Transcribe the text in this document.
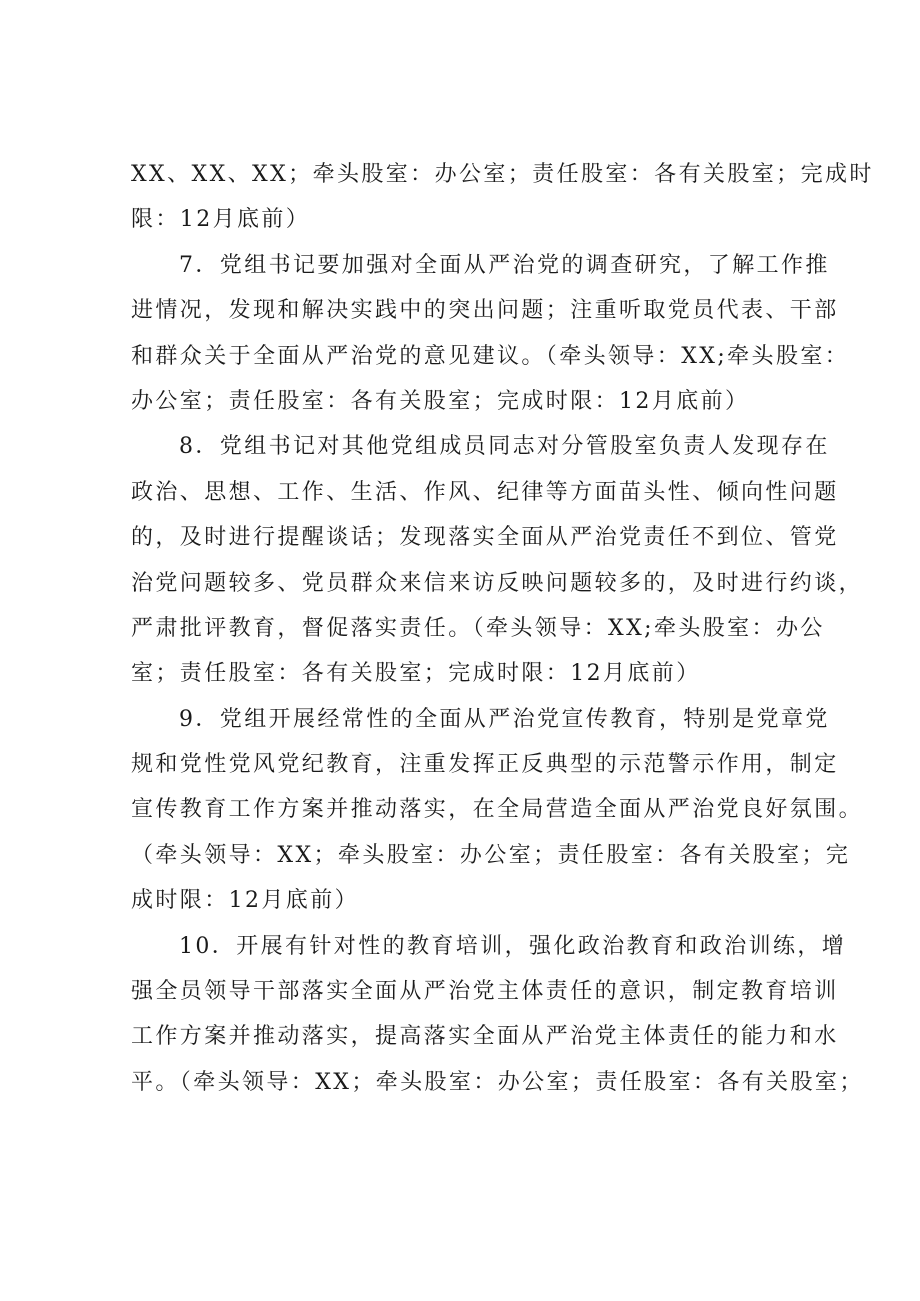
XX、XX、XX；牵头股室：办公室；责任股室：各有关股室；完成时
限：12月底前）
7．党组书记要加强对全面从严治党的调查研究，了解工作推
进情况，发现和解决实践中的突出问题；注重听取党员代表、干部
和群众关于全面从严治党的意见建议。（牵头领导：XX;牵头股室：
办公室；责任股室：各有关股室；完成时限：12月底前）
8．党组书记对其他党组成员同志对分管股室负责人发现存在
政治、思想、工作、生活、作风、纪律等方面苗头性、倾向性问题
的，及时进行提醒谈话；发现落实全面从严治党责任不到位、管党
治党问题较多、党员群众来信来访反映问题较多的，及时进行约谈，
严肃批评教育，督促落实责任。（牵头领导：XX;牵头股室：办公
室；责任股室：各有关股室；完成时限：12月底前）
9．党组开展经常性的全面从严治党宣传教育，特别是党章党
规和党性党风党纪教育，注重发挥正反典型的示范警示作用，制定
宣传教育工作方案并推动落实，在全局营造全面从严治党良好氛围。
（牵头领导：XX；牵头股室：办公室；责任股室：各有关股室；完
成时限：12月底前）
10．开展有针对性的教育培训，强化政治教育和政治训练，增
强全员领导干部落实全面从严治党主体责任的意识，制定教育培训
工作方案并推动落实，提高落实全面从严治党主体责任的能力和水
平。（牵头领导：XX；牵头股室：办公室；责任股室：各有关股室；
